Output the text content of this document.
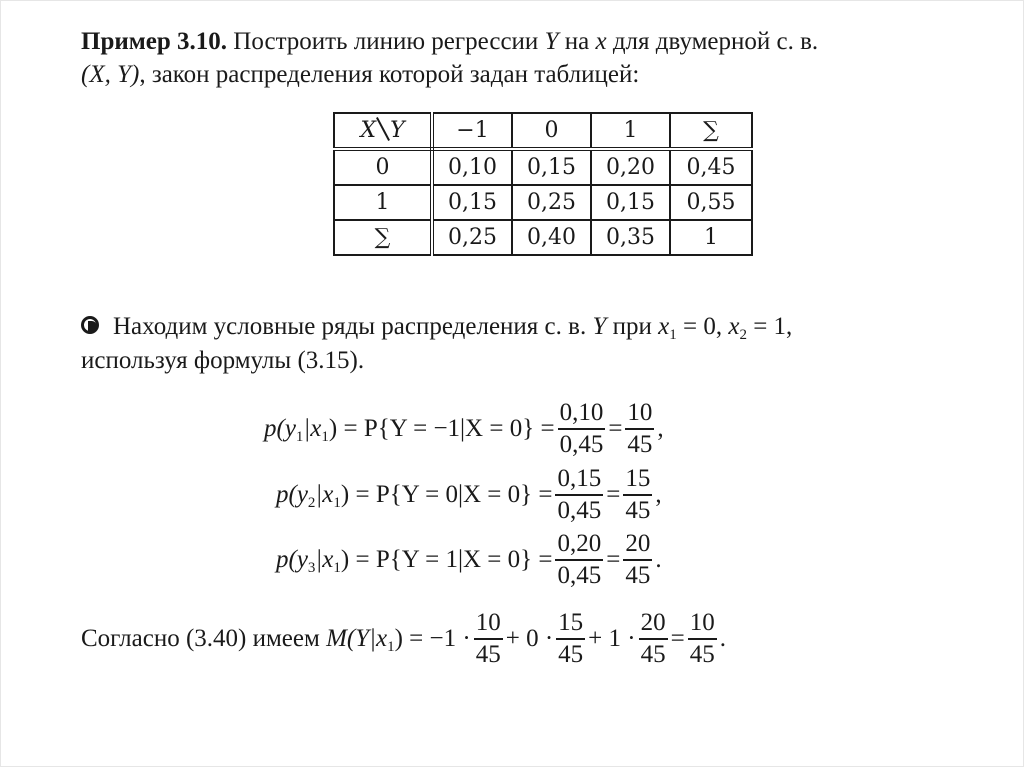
Пример 3.10. Построить линию регрессии Y на x для двумерной с. в.
(X, Y), закон распределения которой задан таблицей:
X Y	−1	0	1	∑
0	0,10	0,15	0,20	0,45
1	0,15	0,25	0,15	0,55
∑	0,25	0,40	0,35	1
Находим условные ряды распределения с. в. Y при $x_1 = 0$, $x_2 = 1$,
используя формулы (3.15).
$p(y_1|x_1) = P\{Y = -1|X = 0\} = \frac{0,10}{0,45} = \frac{10}{45}$ ,
$p(y_2|x_1) = P\{Y = 0|X = 0\} = \frac{0,15}{0,45} = \frac{15}{45}$ ,
$p(y_3|x_1) = P\{Y = 1|X = 0\} = \frac{0,20}{0,45} = \frac{20}{45}$ .
Согласно (3.40) имеем
$M(Y|x_1) = -1 \cdot \frac{10}{45} + 0 \cdot \frac{15}{45} + 1 \cdot \frac{20}{45} = \frac{10}{45}$ .
